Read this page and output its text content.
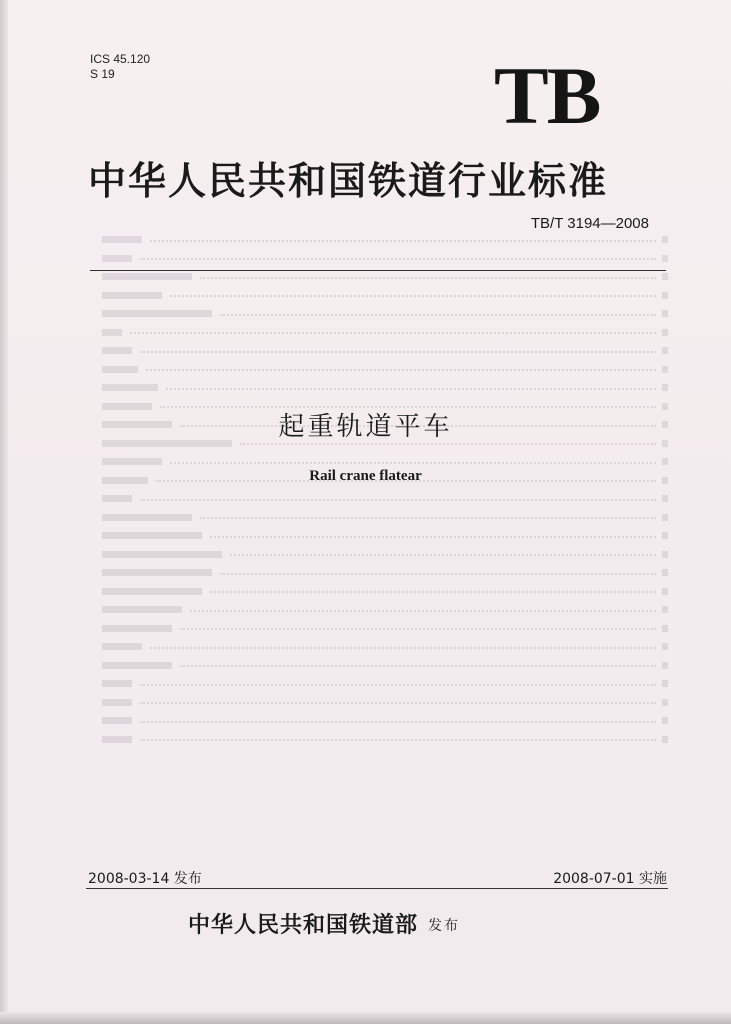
ICS 45.120
S 19	TB
中华人民共和国铁道行业标准
TB/T 3194—2008
起重轨道平车
Rail crane flatear
2008-03-14 发布	2008-07-01 实施
中华人民共和国铁道部 发布
